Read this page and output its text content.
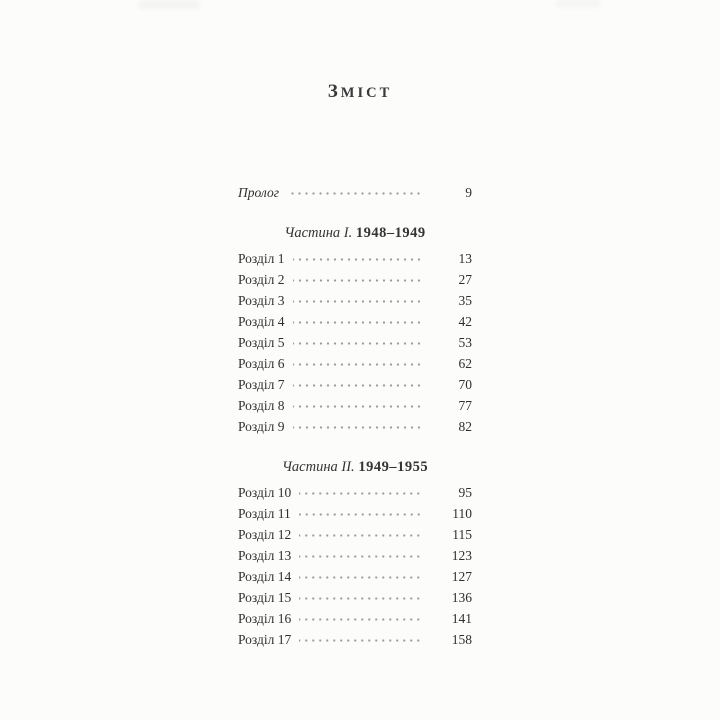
ЗМІСТ
Пролог	9
Частина I. 1948–1949
Розділ 1	13
Розділ 2	27
Розділ 3	35
Розділ 4	42
Розділ 5	53
Розділ 6	62
Розділ 7	70
Розділ 8	77
Розділ 9	82
Частина II. 1949–1955
Розділ 10	95
Розділ 11	110
Розділ 12	115
Розділ 13	123
Розділ 14	127
Розділ 15	136
Розділ 16	141
Розділ 17	158
